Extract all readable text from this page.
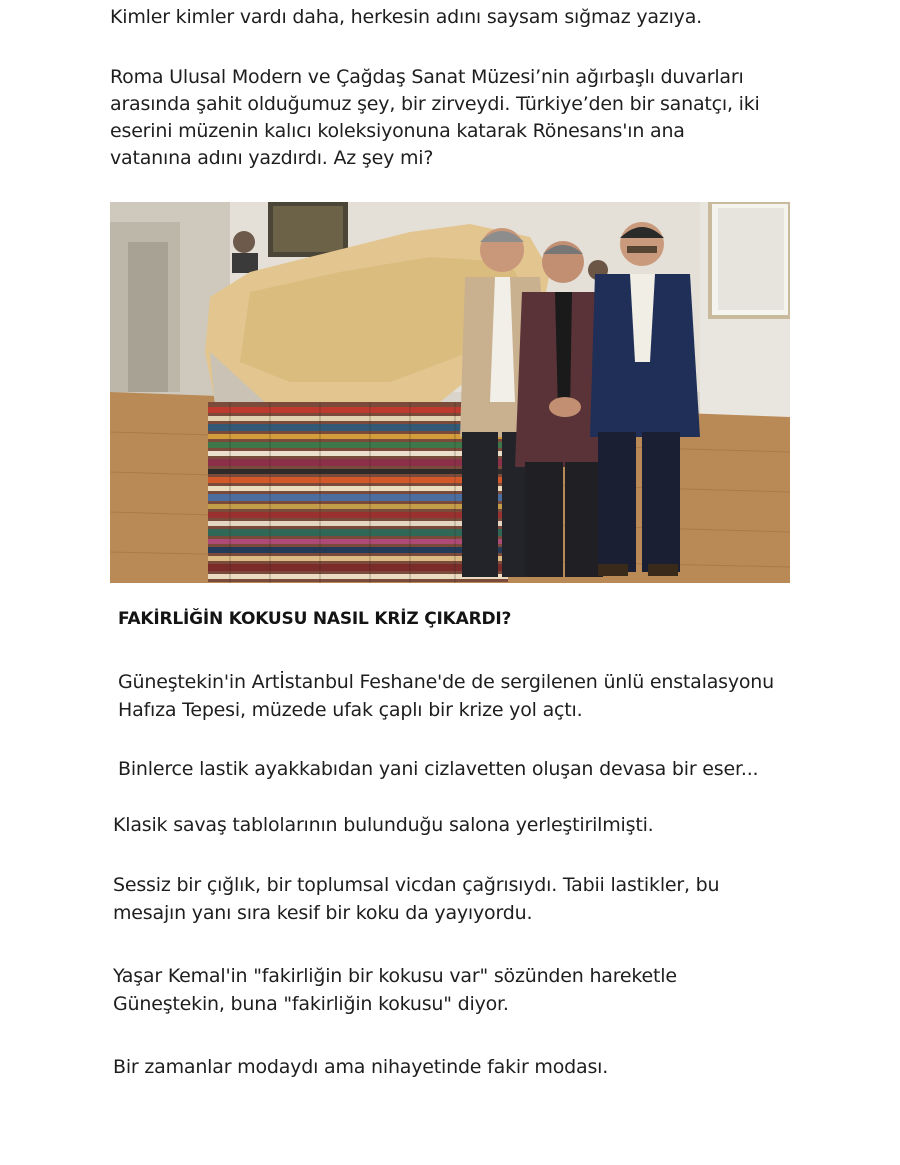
Kimler kimler vardı daha, herkesin adını saysam sığmaz yazıya.

Roma Ulusal Modern ve Çağdaş Sanat Müzesi’nin ağırbaşlı duvarları

arasında şahit olduğumuz şey, bir zirveydi. Türkiye’den bir sanatçı, iki

eserini müzenin kalıcı koleksiyonuna katarak Rönesans'ın ana

vatanına adını yazdırdı. Az şey mi?

FAKİRLİĞİN KOKUSU NASIL KRİZ ÇIKARDI?

Güneştekin'in Artİstanbul Feshane'de de sergilenen ünlü enstalasyonu

Hafıza Tepesi, müzede ufak çaplı bir krize yol açtı.

Binlerce lastik ayakkabıdan yani cizlavetten oluşan devasa bir eser...

Klasik savaş tablolarının bulunduğu salona yerleştirilmişti.

Sessiz bir çığlık, bir toplumsal vicdan çağrısıydı. Tabii lastikler, bu

mesajın yanı sıra kesif bir koku da yayıyordu.

Yaşar Kemal'in "fakirliğin bir kokusu var" sözünden hareketle

Güneştekin, buna "fakirliğin kokusu" diyor.

Bir zamanlar modaydı ama nihayetinde fakir modası.
